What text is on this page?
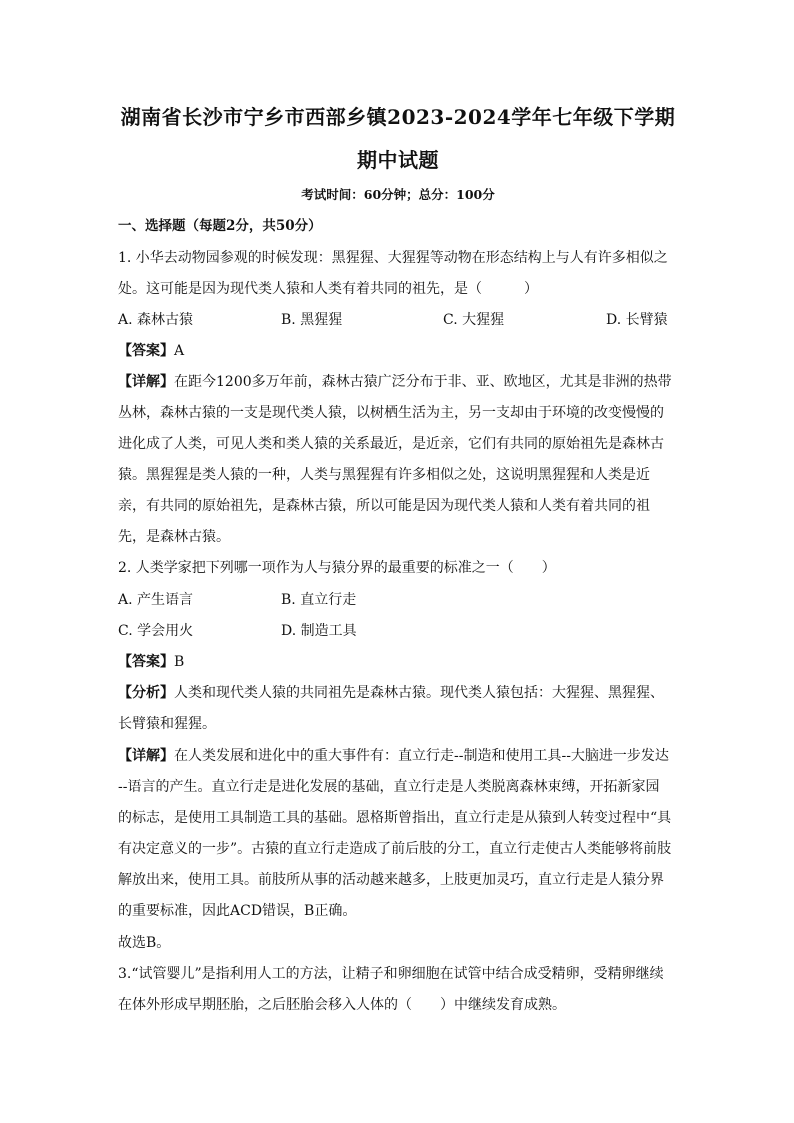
湖南省长沙市宁乡市西部乡镇2023-2024学年七年级下学期
期中试题
考试时间：60分钟；总分：100分
一、选择题（每题2分，共50分）
1. 小华去动物园参观的时候发现：黑猩猩、大猩猩等动物在形态结构上与人有许多相似之
处。这可能是因为现代类人猿和人类有着共同的祖先，是（　　　）
A. 森林古猿	B. 黑猩猩	C. 大猩猩	D. 长臂猿
【答案】A
【详解】在距今1200多万年前，森林古猿广泛分布于非、亚、欧地区，尤其是非洲的热带
丛林，森林古猿的一支是现代类人猿，以树栖生活为主，另一支却由于环境的改变慢慢的
进化成了人类，可见人类和类人猿的关系最近，是近亲，它们有共同的原始祖先是森林古
猿。黑猩猩是类人猿的一种，人类与黑猩猩有许多相似之处，这说明黑猩猩和人类是近
亲，有共同的原始祖先，是森林古猿，所以可能是因为现代类人猿和人类有着共同的祖
先，是森林古猿。
2. 人类学家把下列哪一项作为人与猿分界的最重要的标准之一（　　）
A. 产生语言	B. 直立行走
C. 学会用火	D. 制造工具
【答案】B
【分析】人类和现代类人猿的共同祖先是森林古猿。现代类人猿包括：大猩猩、黑猩猩、
长臂猿和猩猩。
【详解】在人类发展和进化中的重大事件有：直立行走--制造和使用工具--大脑进一步发达
--语言的产生。直立行走是进化发展的基础，直立行走是人类脱离森林束缚，开拓新家园
的标志，是使用工具制造工具的基础。恩格斯曾指出，直立行走是从猿到人转变过程中“具
有决定意义的一步”。古猿的直立行走造成了前后肢的分工，直立行走使古人类能够将前肢
解放出来，使用工具。前肢所从事的活动越来越多，上肢更加灵巧，直立行走是人猿分界
的重要标准，因此ACD错误，B正确。
故选B。
3.“试管婴儿”是指利用人工的方法，让精子和卵细胞在试管中结合成受精卵，受精卵继续
在体外形成早期胚胎，之后胚胎会移入人体的（　　）中继续发育成熟。
